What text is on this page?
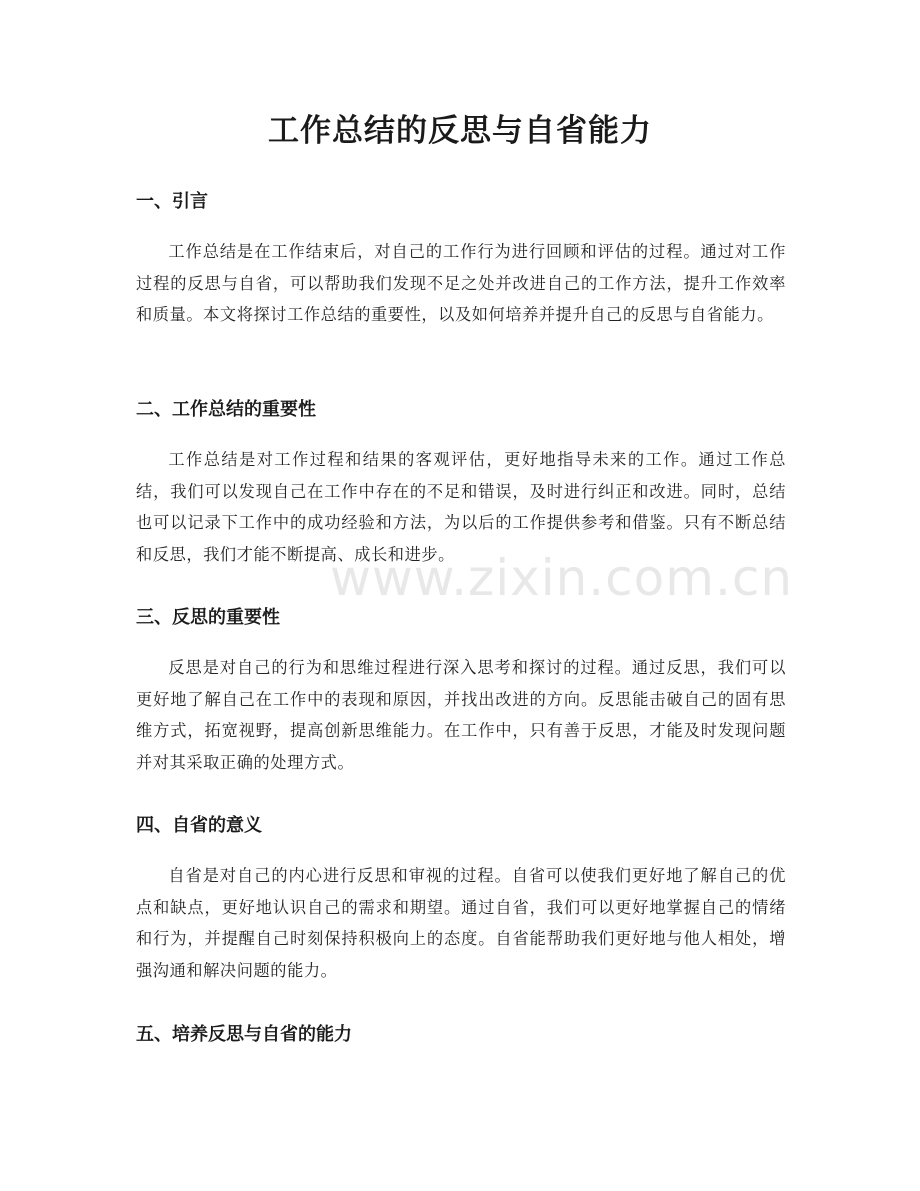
工作总结的反思与自省能力
一、引言

工作总结是在工作结束后，对自己的工作行为进行回顾和评估的过程。通过对工作过程的反思与自省，可以帮助我们发现不足之处并改进自己的工作方法，提升工作效率和质量。本文将探讨工作总结的重要性，以及如何培养并提升自己的反思与自省能力。

二、工作总结的重要性

工作总结是对工作过程和结果的客观评估，更好地指导未来的工作。通过工作总结，我们可以发现自己在工作中存在的不足和错误，及时进行纠正和改进。同时，总结也可以记录下工作中的成功经验和方法，为以后的工作提供参考和借鉴。只有不断总结和反思，我们才能不断提高、成长和进步。

三、反思的重要性

反思是对自己的行为和思维过程进行深入思考和探讨的过程。通过反思，我们可以更好地了解自己在工作中的表现和原因，并找出改进的方向。反思能击破自己的固有思维方式，拓宽视野，提高创新思维能力。在工作中，只有善于反思，才能及时发现问题并对其采取正确的处理方式。

四、自省的意义

自省是对自己的内心进行反思和审视的过程。自省可以使我们更好地了解自己的优点和缺点，更好地认识自己的需求和期望。通过自省，我们可以更好地掌握自己的情绪和行为，并提醒自己时刻保持积极向上的态度。自省能帮助我们更好地与他人相处，增强沟通和解决问题的能力。

五、培养反思与自省的能力
www.zixin.com.cn
